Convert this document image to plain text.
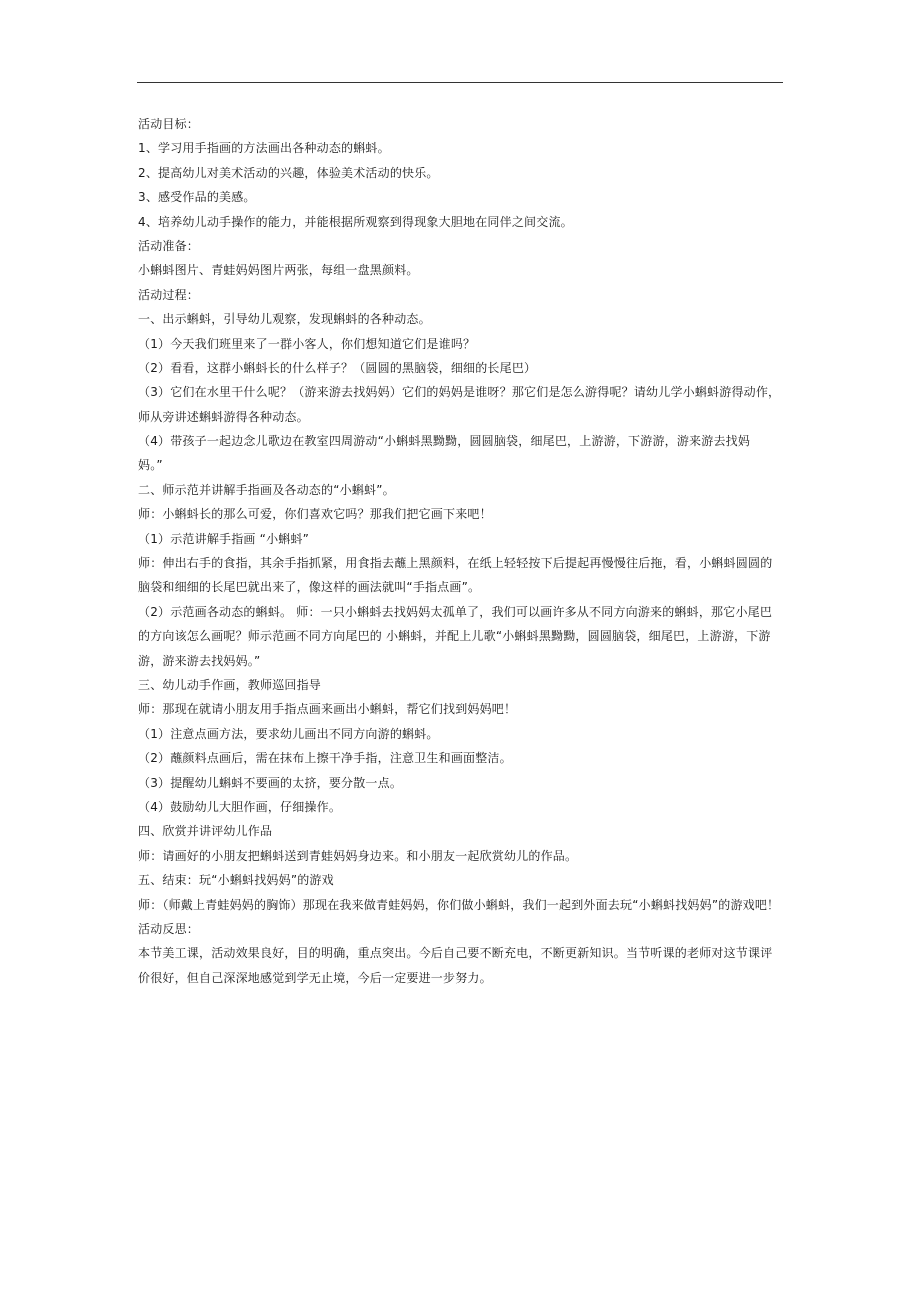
活动目标：
1、学习用手指画的方法画出各种动态的蝌蚪。
2、提高幼儿对美术活动的兴趣，体验美术活动的快乐。
3、感受作品的美感。
4、培养幼儿动手操作的能力，并能根据所观察到得现象大胆地在同伴之间交流。
活动准备：
小蝌蚪图片、青蛙妈妈图片两张，每组一盘黑颜料。
活动过程：
一、出示蝌蚪，引导幼儿观察，发现蝌蚪的各种动态。
（1）今天我们班里来了一群小客人，你们想知道它们是谁吗？
（2）看看，这群小蝌蚪长的什么样子？（圆圆的黑脑袋，细细的长尾巴）
（3）它们在水里干什么呢？（游来游去找妈妈）它们的妈妈是谁呀？那它们是怎么游得呢？请幼儿学小蝌蚪游得动作，
师从旁讲述蝌蚪游得各种动态。
（4）带孩子一起边念儿歌边在教室四周游动“小蝌蚪黑黝黝，圆圆脑袋，细尾巴，上游游，下游游，游来游去找妈
妈。”
二、师示范并讲解手指画及各动态的“小蝌蚪”。
师：小蝌蚪长的那么可爱，你们喜欢它吗？那我们把它画下来吧！
（1）示范讲解手指画 “小蝌蚪”
师：伸出右手的食指，其余手指抓紧，用食指去蘸上黑颜料，在纸上轻轻按下后提起再慢慢往后拖，看，小蝌蚪圆圆的
脑袋和细细的长尾巴就出来了，像这样的画法就叫“手指点画”。
（2）示范画各动态的蝌蚪。 师：一只小蝌蚪去找妈妈太孤单了，我们可以画许多从不同方向游来的蝌蚪，那它小尾巴
的方向该怎么画呢？师示范画不同方向尾巴的 小蝌蚪，并配上儿歌“小蝌蚪黑黝黝，圆圆脑袋，细尾巴，上游游，下游
游，游来游去找妈妈。”
三、幼儿动手作画，教师巡回指导
师：那现在就请小朋友用手指点画来画出小蝌蚪，帮它们找到妈妈吧！
（1）注意点画方法，要求幼儿画出不同方向游的蝌蚪。
（2）蘸颜料点画后，需在抹布上擦干净手指，注意卫生和画面整洁。
（3）提醒幼儿蝌蚪不要画的太挤，要分散一点。
（4）鼓励幼儿大胆作画，仔细操作。
四、欣赏并讲评幼儿作品
师：请画好的小朋友把蝌蚪送到青蛙妈妈身边来。和小朋友一起欣赏幼儿的作品。
五、结束：玩“小蝌蚪找妈妈”的游戏
师：（师戴上青蛙妈妈的胸饰）那现在我来做青蛙妈妈，你们做小蝌蚪，我们一起到外面去玩“小蝌蚪找妈妈”的游戏吧！
活动反思：
本节美工课，活动效果良好，目的明确，重点突出。今后自己要不断充电，不断更新知识。当节听课的老师对这节课评
价很好，但自己深深地感觉到学无止境，今后一定要进一步努力。
